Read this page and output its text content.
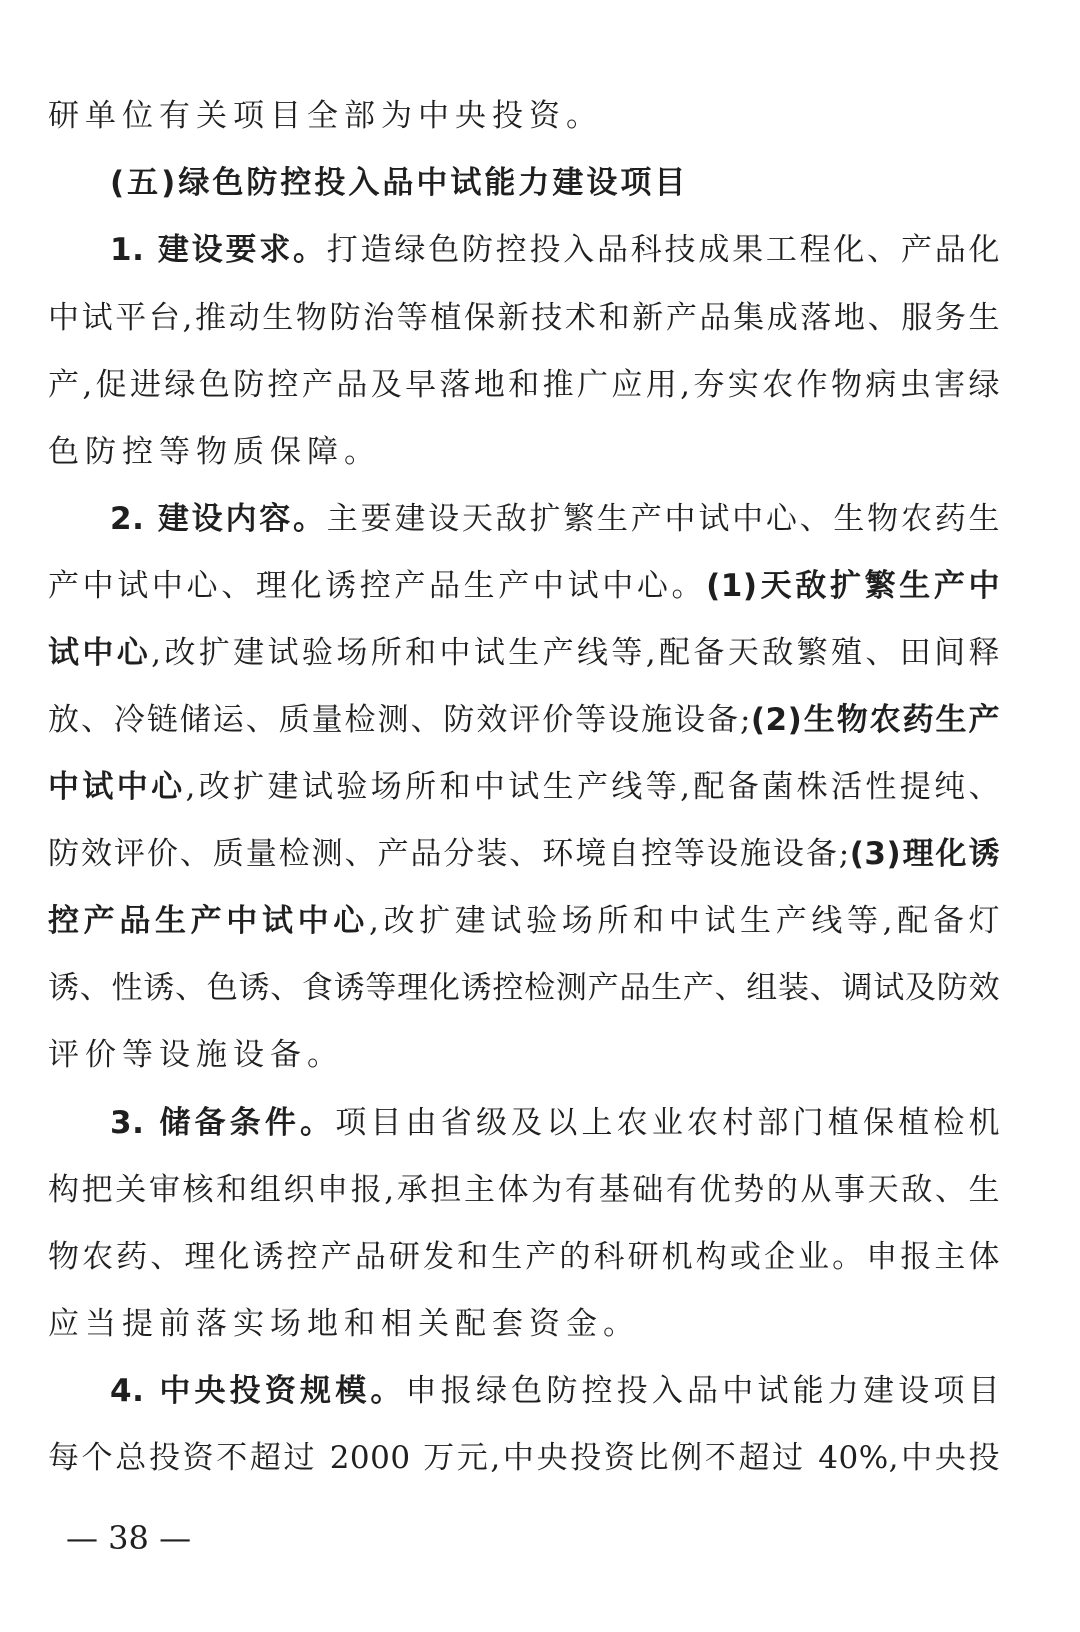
研单位有关项目全部为中央投资。
(五)绿色防控投入品中试能力建设项目
1. 建设要求。打造绿色防控投入品科技成果工程化、产品化
中试平台,推动生物防治等植保新技术和新产品集成落地、服务生
产,促进绿色防控产品及早落地和推广应用,夯实农作物病虫害绿
色防控等物质保障。
2. 建设内容。主要建设天敌扩繁生产中试中心、生物农药生
产中试中心、理化诱控产品生产中试中心。(1)天敌扩繁生产中
试中心,改扩建试验场所和中试生产线等,配备天敌繁殖、田间释
放、冷链储运、质量检测、防效评价等设施设备;(2)生物农药生产
中试中心,改扩建试验场所和中试生产线等,配备菌株活性提纯、
防效评价、质量检测、产品分装、环境自控等设施设备;(3)理化诱
控产品生产中试中心,改扩建试验场所和中试生产线等,配备灯
诱、性诱、色诱、食诱等理化诱控检测产品生产、组装、调试及防效
评价等设施设备。
3. 储备条件。项目由省级及以上农业农村部门植保植检机
构把关审核和组织申报,承担主体为有基础有优势的从事天敌、生
物农药、理化诱控产品研发和生产的科研机构或企业。申报主体
应当提前落实场地和相关配套资金。
4. 中央投资规模。申报绿色防控投入品中试能力建设项目
每个总投资不超过 2000 万元,中央投资比例不超过 40%,中央投
— 38 —
